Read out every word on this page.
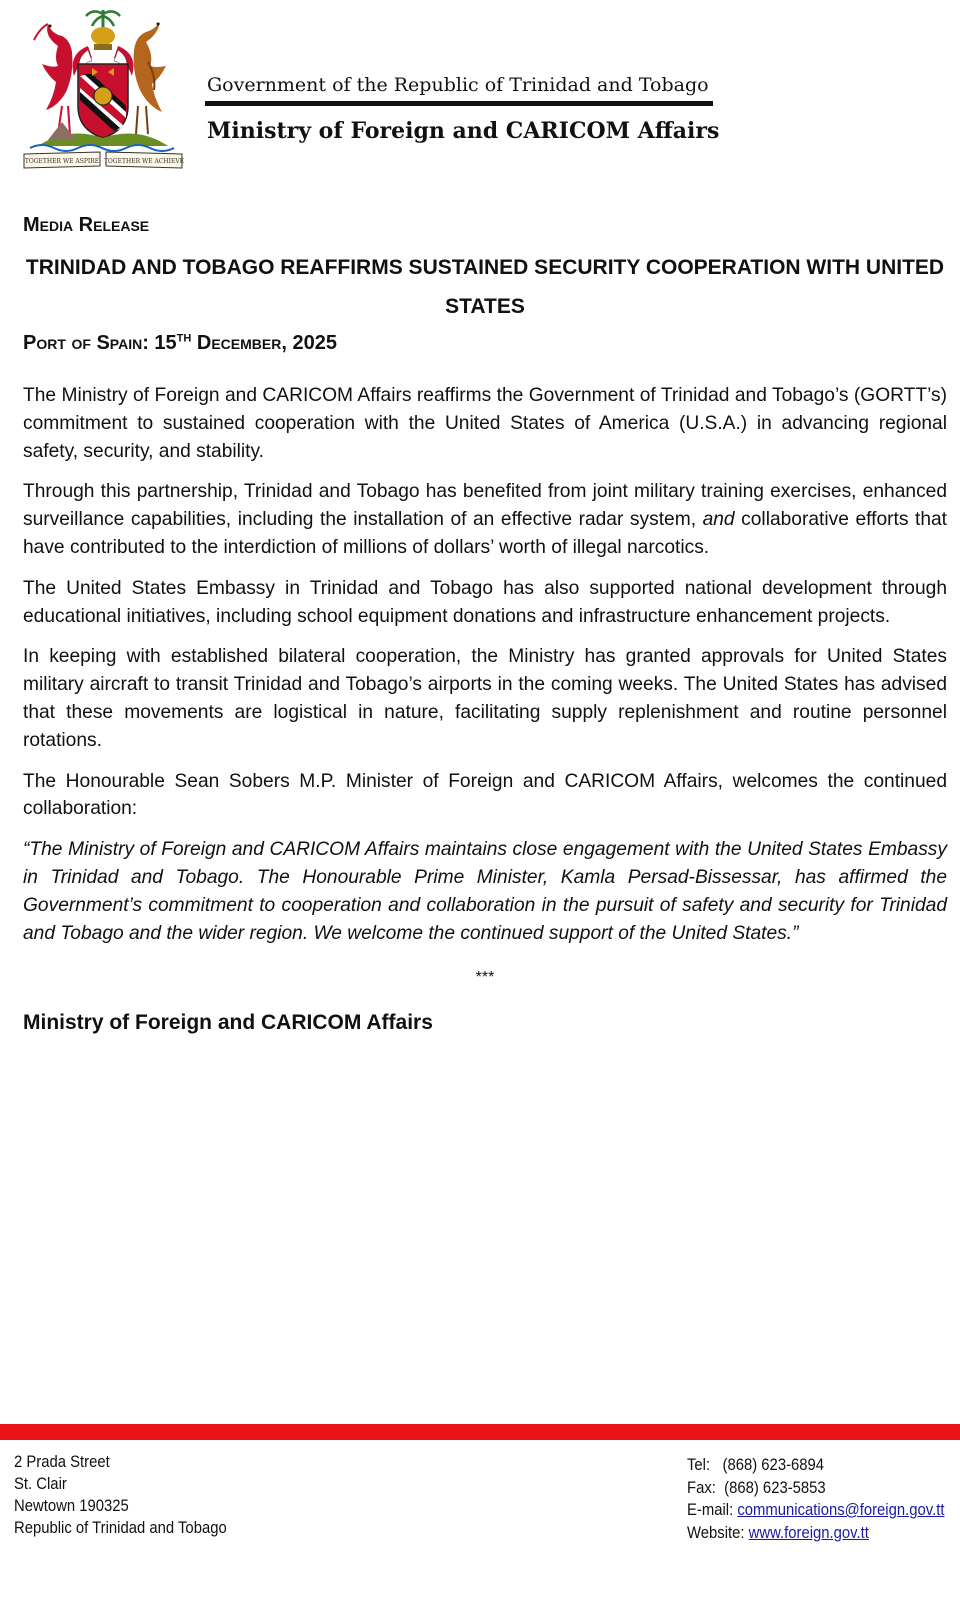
TOGETHER WE ASPIRE TOGETHER WE ACHIEVE
Government of the Republic of Trinidad and Tobago
Ministry of Foreign and CARICOM Affairs

Media Release

TRINIDAD AND TOBAGO REAFFIRMS SUSTAINED SECURITY COOPERATION WITH UNITED STATES

Port of Spain: 15TH December, 2025

The Ministry of Foreign and CARICOM Affairs reaffirms the Government of Trinidad and Tobago’s (GORTT’s) commitment to sustained cooperation with the United States of America (U.S.A.) in advancing regional safety, security, and stability.

Through this partnership, Trinidad and Tobago has benefited from joint military training exercises, enhanced surveillance capabilities, including the installation of an effective radar system, and collaborative efforts that have contributed to the interdiction of millions of dollars’ worth of illegal narcotics.

The United States Embassy in Trinidad and Tobago has also supported national development through educational initiatives, including school equipment donations and infrastructure enhancement projects.

In keeping with established bilateral cooperation, the Ministry has granted approvals for United States military aircraft to transit Trinidad and Tobago’s airports in the coming weeks. The United States has advised that these movements are logistical in nature, facilitating supply replenishment and routine personnel rotations.

The Honourable Sean Sobers M.P. Minister of Foreign and CARICOM Affairs, welcomes the continued collaboration:

“The Ministry of Foreign and CARICOM Affairs maintains close engagement with the United States Embassy in Trinidad and Tobago. The Honourable Prime Minister, Kamla Persad-Bissessar, has affirmed the Government’s commitment to cooperation and collaboration in the pursuit of safety and security for Trinidad and Tobago and the wider region. We welcome the continued support of the United States.”

***

Ministry of Foreign and CARICOM Affairs

2 Prada Street
St. Clair
Newtown 190325
Republic of Trinidad and Tobago
Tel: (868) 623-6894
Fax: (868) 623-5853
E-mail: communications@foreign.gov.tt
Website: www.foreign.gov.tt
